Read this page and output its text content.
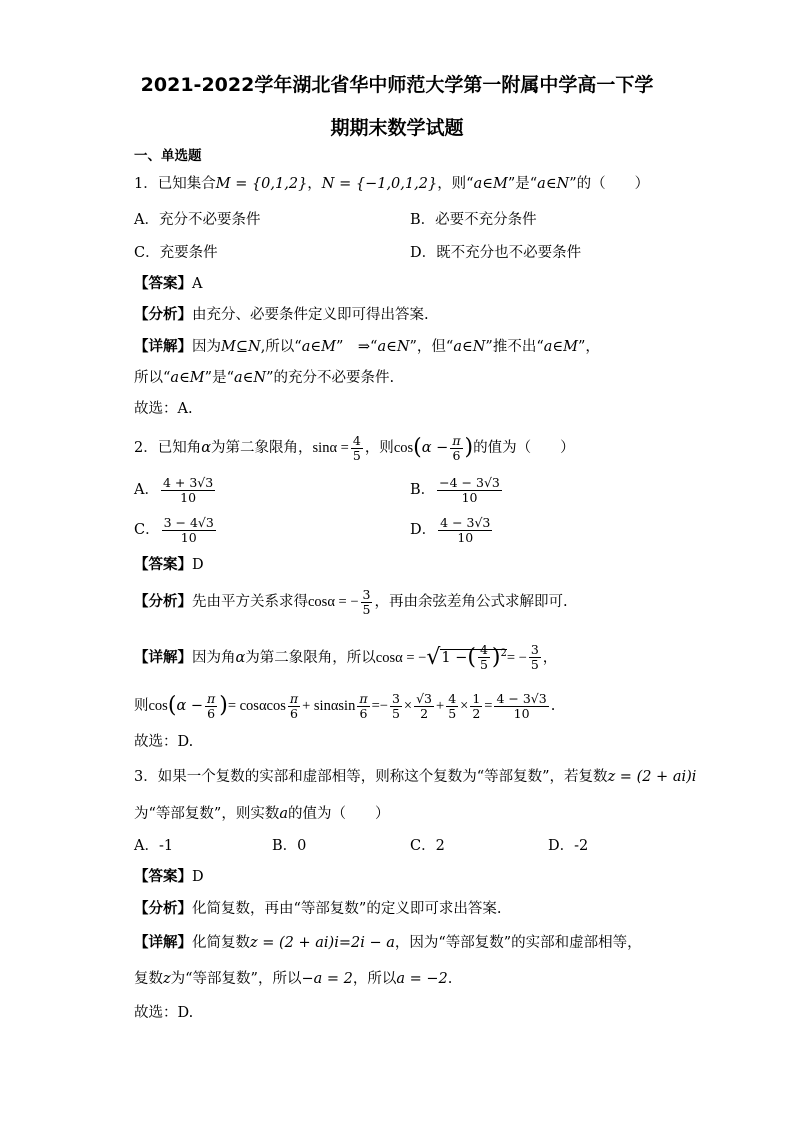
2021-2022学年湖北省华中师范大学第一附属中学高一下学
期期末数学试题
一、单选题
1．已知集合M = {0,1,2}，N = {−1,0,1,2}，则“a∈M”是“a∈N”的（　　）
A．充分不必要条件	B．必要不充分条件
C．充要条件	D．既不充分也不必要条件
【答案】A
【分析】由充分、必要条件定义即可得出答案.
【详解】因为M⊆N,所以“a∈M”　⇒“a∈N”，但“a∈N”推不出“a∈M”，
所以“a∈M”是“a∈N”的充分不必要条件.
故选：A.
2．已知角α为第二象限角，$\sin\alpha = \frac{4}{5}$ ，则$\cos(\alpha - \frac{\pi}{6}$ )的值为（　　）
A． $\frac{4 + 3√3}{10}$	B． $\frac{-4 - 3√3}{10}$
C． $\frac{3 - 4√3}{10}$	D． $\frac{4 - 3√3}{10}$
【答案】D
【分析】先由平方关系求得cosα = − $\frac{3}{5}$ ，再由余弦差角公式求解即可.
【详解】因为角α为第二象限角，所以cosα = −√1 −( $\frac{4}{5} )^2= - \frac{3}{5}$ ，
则$\cos(\alpha - \frac{\pi}{6}$ )= cosαcos $\frac{\pi}{6} + \sin\alpha\sin \frac{\pi}{6} =- \frac{3}{5} \times \frac{√3}{2} + \frac{4}{5} \times \frac{1}{2} = \frac{4 - 3√3}{10}$ .
故选：D.
3．如果一个复数的实部和虚部相等，则称这个复数为“等部复数”，若复数z = (2 + ai)i
为“等部复数”，则实数a的值为（　　）
A．-1	B．0	C．2	D．-2
【答案】D
【分析】化简复数，再由“等部复数”的定义即可求出答案.
【详解】化简复数z = (2 + ai)i=2i − a，因为“等部复数”的实部和虚部相等，
复数z为“等部复数”，所以−a = 2，所以a = −2.
故选：D.
